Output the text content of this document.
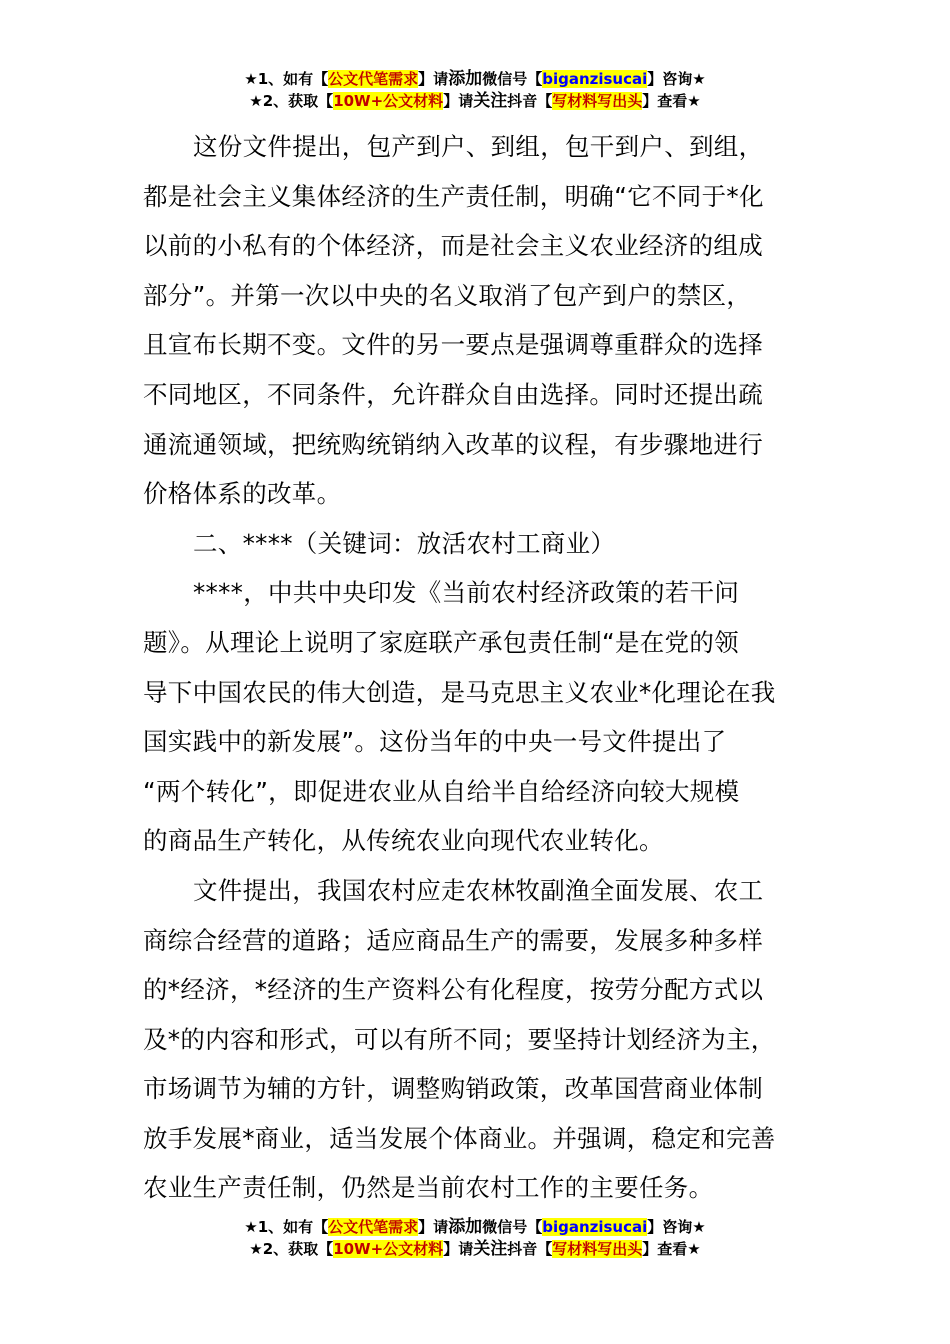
★1、如有【公文代笔需求】请添加微信号【biganzisucai】咨询★
★2、获取【10W+公文材料】请关注抖音【写材料写出头】查看★

这份文件提出，包产到户、到组，包干到户、到组，
都是社会主义集体经济的生产责任制，明确“它不同于*化
以前的小私有的个体经济，而是社会主义农业经济的组成
部分”。并第一次以中央的名义取消了包产到户的禁区，
且宣布长期不变。文件的另一要点是强调尊重群众的选择
不同地区，不同条件，允许群众自由选择。同时还提出疏
通流通领域，把统购统销纳入改革的议程，有步骤地进行
价格体系的改革。

二、****（关键词：放活农村工商业）

****，中共中央印发《当前农村经济政策的若干问
题》。从理论上说明了家庭联产承包责任制“是在党的领
导下中国农民的伟大创造，是马克思主义农业*化理论在我
国实践中的新发展”。这份当年的中央一号文件提出了
“两个转化”，即促进农业从自给半自给经济向较大规模
的商品生产转化，从传统农业向现代农业转化。

文件提出，我国农村应走农林牧副渔全面发展、农工
商综合经营的道路；适应商品生产的需要，发展多种多样
的*经济，*经济的生产资料公有化程度，按劳分配方式以
及*的内容和形式，可以有所不同；要坚持计划经济为主，
市场调节为辅的方针，调整购销政策，改革国营商业体制
放手发展*商业，适当发展个体商业。并强调，稳定和完善
农业生产责任制，仍然是当前农村工作的主要任务。

★1、如有【公文代笔需求】请添加微信号【biganzisucai】咨询★
★2、获取【10W+公文材料】请关注抖音【写材料写出头】查看★
